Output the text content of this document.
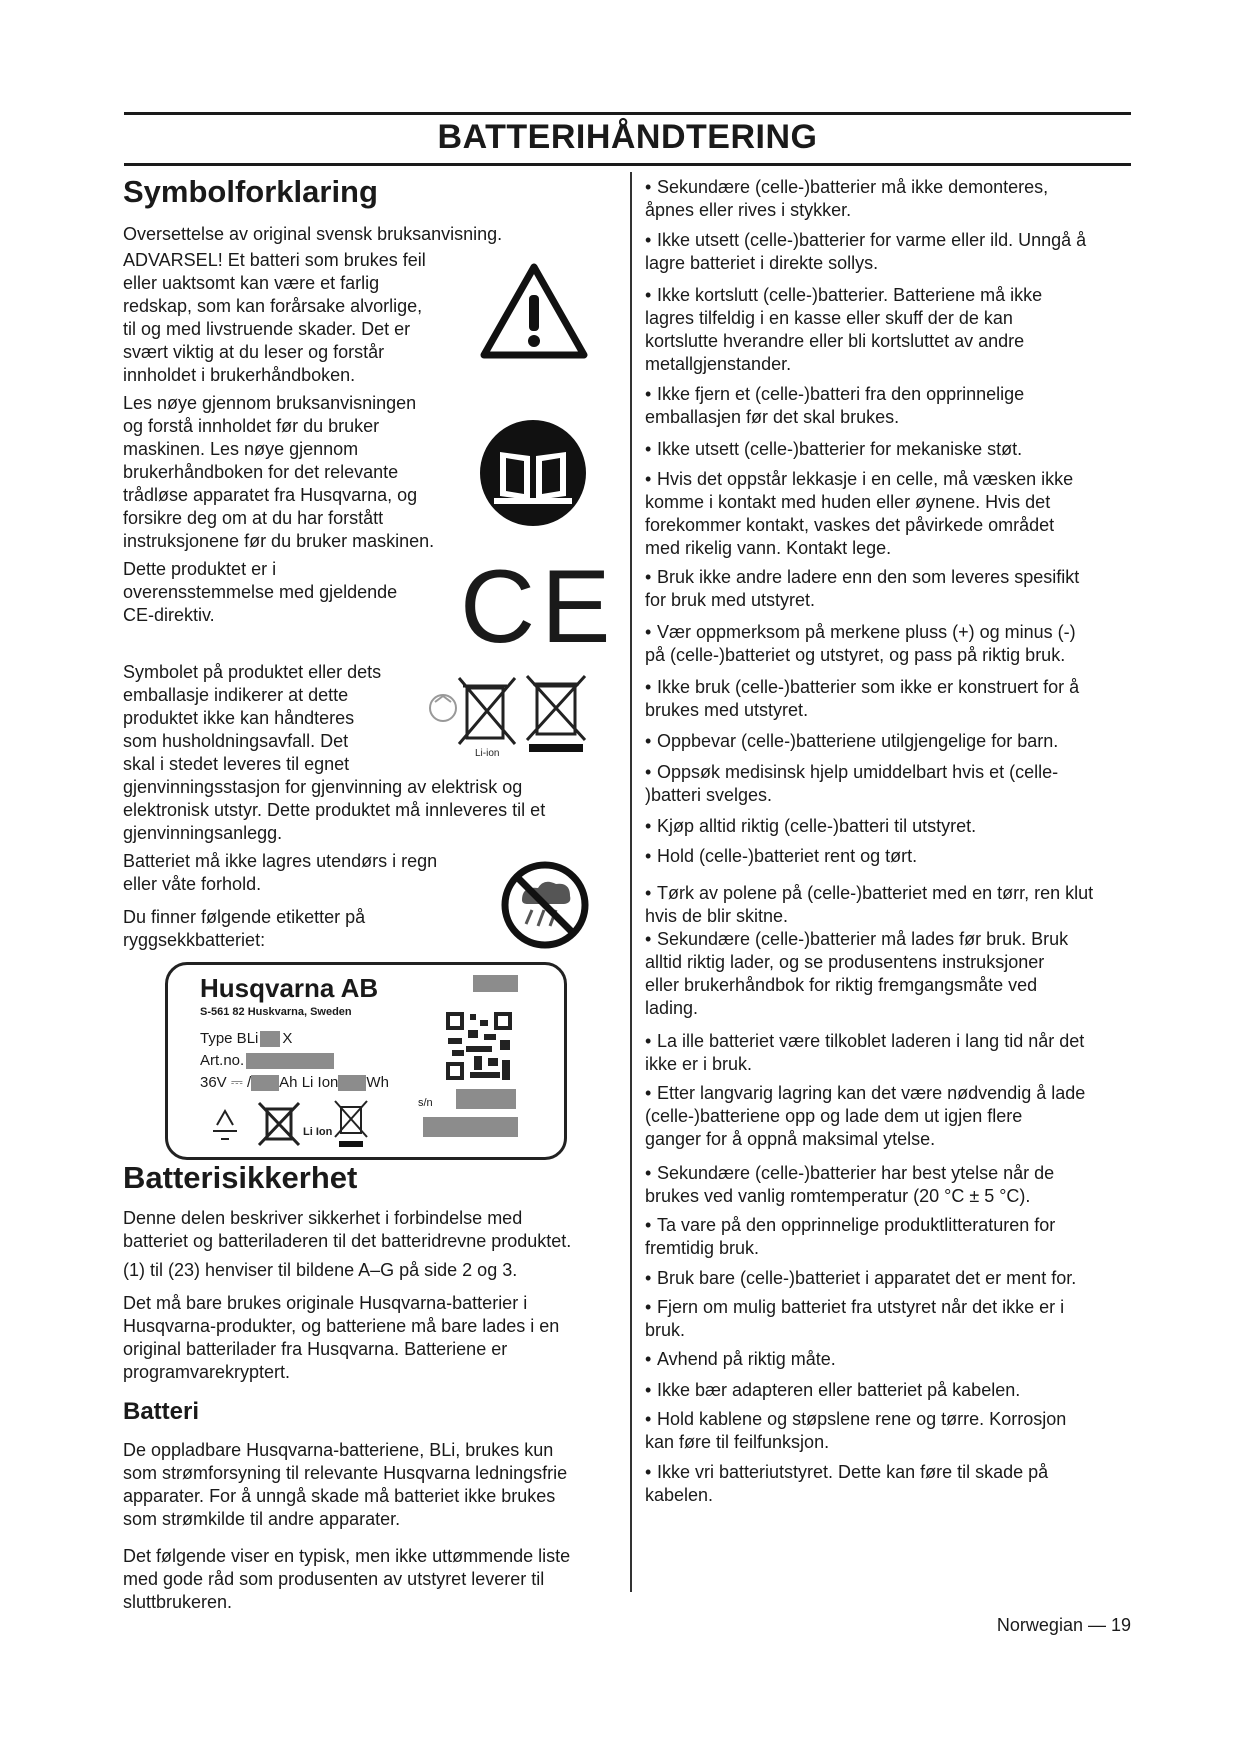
BATTERIHÅNDTERING
Symbolforklaring

Oversettelse av original svensk bruksanvisning.

ADVARSEL! Et batteri som brukes feil

eller uaktsomt kan være et farlig

redskap, som kan forårsake alvorlige,

til og med livstruende skader. Det er

svært viktig at du leser og forstår

innholdet i brukerhåndboken.

Les nøye gjennom bruksanvisningen

og forstå innholdet før du bruker

maskinen. Les nøye gjennom

brukerhåndboken for det relevante

trådløse apparatet fra Husqvarna, og

forsikre deg om at du har forstått

instruksjonene før du bruker maskinen.

Dette produktet er i

overensstemmelse med gjeldende

CE-direktiv.	CE

Symbolet på produktet eller dets

emballasje indikerer at dette

produktet ikke kan håndteres

som husholdningsavfall. Det

skal i stedet leveres til egnet

gjenvinningsstasjon for gjenvinning av elektrisk og

elektronisk utstyr. Dette produktet må innleveres til et

gjenvinningsanlegg.

Li-ion

Batteriet må ikke lagres utendørs i regn

eller våte forhold.

Du finner følgende etiketter på

ryggsekkbatteriet:

Husqvarna AB
S-561 82 Huskvarna, Sweden
Type BLi X
Art.no.
36V ⎓ / Ah Li Ion Wh
s/n
Li Ion
Batterisikkerhet

Denne delen beskriver sikkerhet i forbindelse med

batteriet og batteriladeren til det batteridrevne produktet.

(1) til (23) henviser til bildene A–G på side 2 og 3.

Det må bare brukes originale Husqvarna-batterier i

Husqvarna-produkter, og batteriene må bare lades i en

original batterilader fra Husqvarna. Batteriene er

programvarekryptert.

Batteri

De oppladbare Husqvarna-batteriene, BLi, brukes kun

som strømforsyning til relevante Husqvarna ledningsfrie

apparater. For å unngå skade må batteriet ikke brukes

som strømkilde til andre apparater.

Det følgende viser en typisk, men ikke uttømmende liste

med gode råd som produsenten av utstyret leverer til

sluttbrukeren.

• Sekundære (celle-)batterier må ikke demonteres,
åpnes eller rives i stykker.
• Ikke utsett (celle-)batterier for varme eller ild. Unngå å
lagre batteriet i direkte sollys.
• Ikke kortslutt (celle-)batterier. Batteriene må ikke
lagres tilfeldig i en kasse eller skuff der de kan
kortslutte hverandre eller bli kortsluttet av andre
metallgjenstander.
• Ikke fjern et (celle-)batteri fra den opprinnelige
emballasjen før det skal brukes.
• Ikke utsett (celle-)batterier for mekaniske støt.
• Hvis det oppstår lekkasje i en celle, må væsken ikke
komme i kontakt med huden eller øynene. Hvis det
forekommer kontakt, vaskes det påvirkede området
med rikelig vann. Kontakt lege.
• Bruk ikke andre ladere enn den som leveres spesifikt
for bruk med utstyret.
• Vær oppmerksom på merkene pluss (+) og minus (-)
på (celle-)batteriet og utstyret, og pass på riktig bruk.
• Ikke bruk (celle-)batterier som ikke er konstruert for å
brukes med utstyret.
• Oppbevar (celle-)batteriene utilgjengelige for barn.
• Oppsøk medisinsk hjelp umiddelbart hvis et (celle-
)batteri svelges.
• Kjøp alltid riktig (celle-)batteri til utstyret.
• Hold (celle-)batteriet rent og tørt.
• Tørk av polene på (celle-)batteriet med en tørr, ren klut
hvis de blir skitne.
• Sekundære (celle-)batterier må lades før bruk. Bruk
alltid riktig lader, og se produsentens instruksjoner
eller brukerhåndbok for riktig fremgangsmåte ved
lading.
• La ille batteriet være tilkoblet laderen i lang tid når det
ikke er i bruk.
• Etter langvarig lagring kan det være nødvendig å lade
(celle-)batteriene opp og lade dem ut igjen flere
ganger for å oppnå maksimal ytelse.
• Sekundære (celle-)batterier har best ytelse når de
brukes ved vanlig romtemperatur (20 °C ± 5 °C).
• Ta vare på den opprinnelige produktlitteraturen for
fremtidig bruk.
• Bruk bare (celle-)batteriet i apparatet det er ment for.
• Fjern om mulig batteriet fra utstyret når det ikke er i
bruk.
• Avhend på riktig måte.
• Ikke bær adapteren eller batteriet på kabelen.
• Hold kablene og støpslene rene og tørre. Korrosjon
kan føre til feilfunksjon.
• Ikke vri batteriutstyret. Dette kan føre til skade på
kabelen.
Norwegian — 19
